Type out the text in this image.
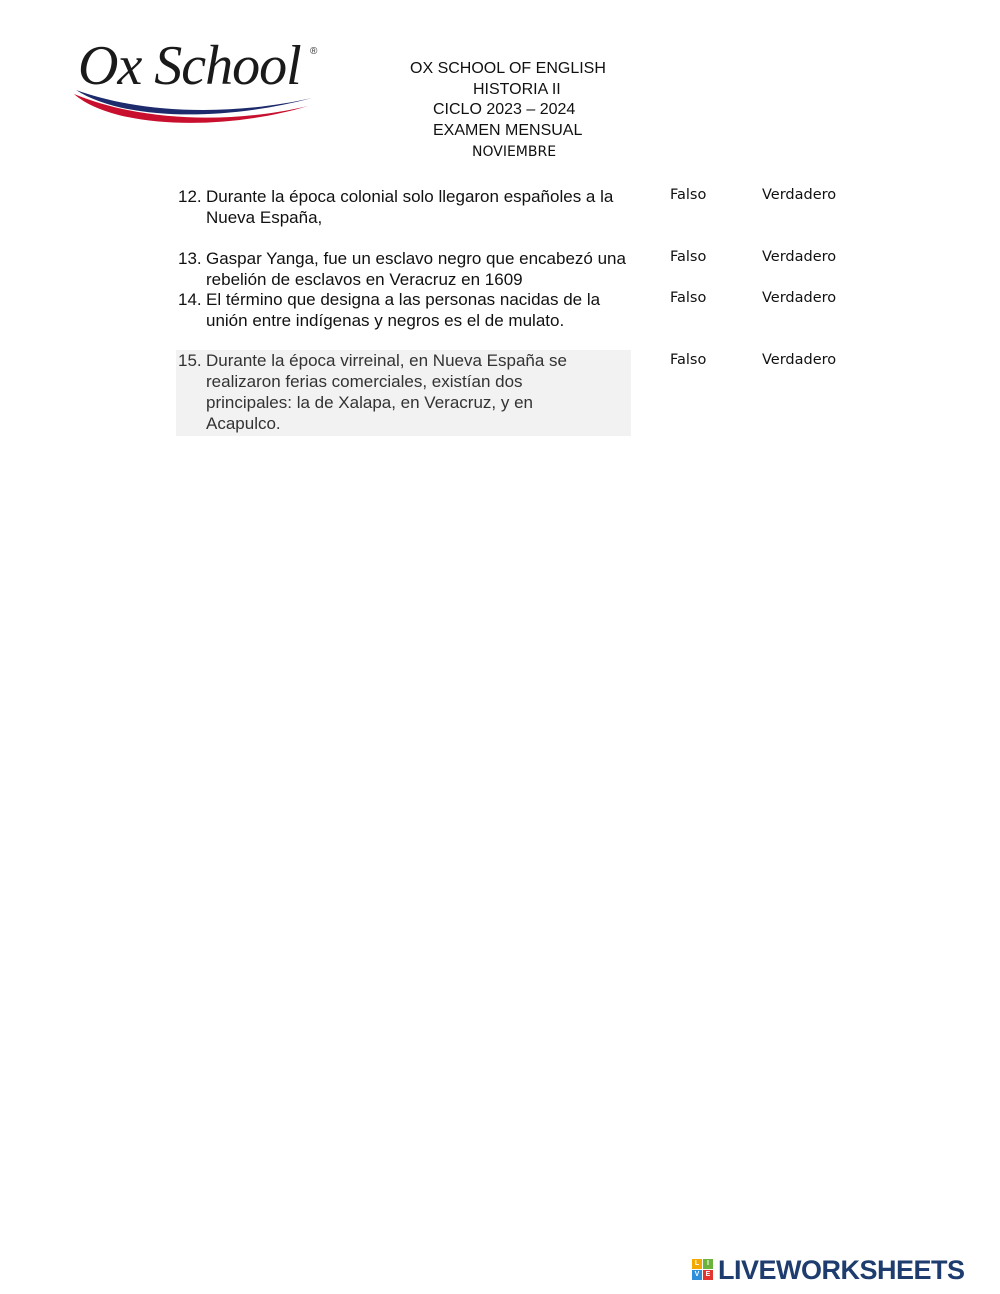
Ox School ®
OX SCHOOL OF ENGLISH
HISTORIA II
CICLO 2023 – 2024
EXAMEN MENSUAL
NOVIEMBRE
12. Durante la época colonial solo llegaron españoles a la Nueva España,
Falso	Verdadero
13. Gaspar Yanga, fue un esclavo negro que encabezó una rebelión de esclavos en Veracruz en 1609
Falso	Verdadero
14. El término que designa a las personas nacidas de la unión entre indígenas y negros es el de mulato.
Falso	Verdadero
15. Durante la época virreinal, en Nueva España se realizaron ferias comerciales, existían dos principales: la de Xalapa, en Veracruz, y en Acapulco.
Falso	Verdadero
L	I
V E LIVEWORKSHEETS
